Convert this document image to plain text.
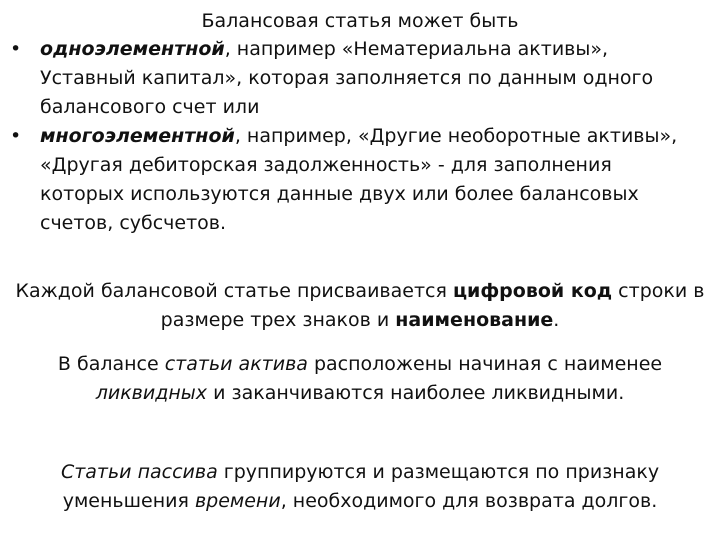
Балансовая статья может быть
• одноэлементной, например «Нематериальна активы», Уставный капитал», которая заполняется по данным одного балансового счет или
• многоэлементной, например, «Другие необоротные активы», «Другая дебиторская задолженность» - для заполнения которых используются данные двух или более балансовых счетов, субсчетов.
Каждой балансовой статье присваивается цифровой код строки в размере трех знаков и наименование.
В балансе статьи актива расположены начиная с наименее ликвидных и заканчиваются наиболее ликвидными.
Статьи пассива группируются и размещаются по признаку уменьшения времени, необходимого для возврата долгов.
